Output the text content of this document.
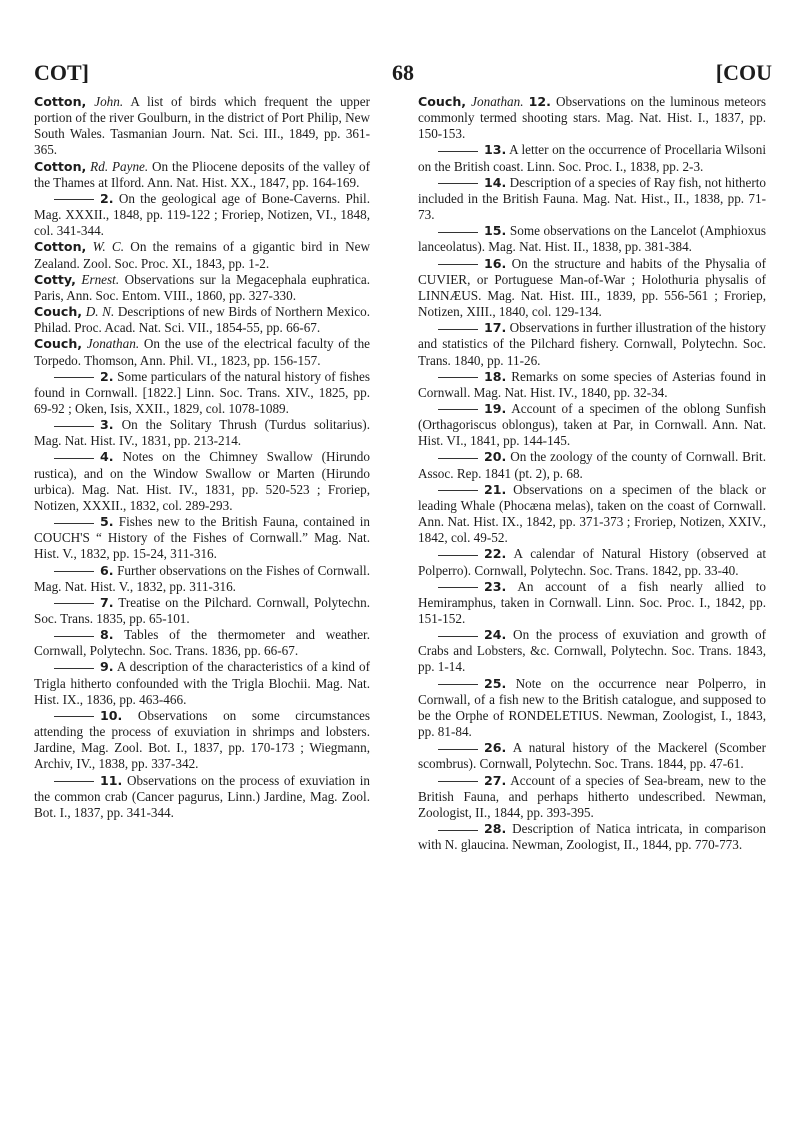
COT]	68	[COU

Cotton, John. A list of birds which frequent the upper portion of the river Goulburn, in the district of Port Philip, New South Wales. Tasmanian Journ. Nat. Sci. III., 1849, pp. 361-365.

Cotton, Rd. Payne. On the Pliocene deposits of the valley of the Thames at Ilford. Ann. Nat. Hist. XX., 1847, pp. 164-169.

2. On the geological age of Bone-Caverns. Phil. Mag. XXXII., 1848, pp. 119-122 ; Froriep, Notizen, VI., 1848, col. 341-344.

Cotton, W. C. On the remains of a gigantic bird in New Zealand. Zool. Soc. Proc. XI., 1843, pp. 1-2.

Cotty, Ernest. Observations sur la Megacephala euphratica. Paris, Ann. Soc. Entom. VIII., 1860, pp. 327-330.

Couch, D. N. Descriptions of new Birds of Northern Mexico. Philad. Proc. Acad. Nat. Sci. VII., 1854-55, pp. 66-67.

Couch, Jonathan. On the use of the electrical faculty of the Torpedo. Thomson, Ann. Phil. VI., 1823, pp. 156-157.

2. Some particulars of the natural history of fishes found in Cornwall. [1822.] Linn. Soc. Trans. XIV., 1825, pp. 69-92 ; Oken, Isis, XXII., 1829, col. 1078-1089.

3. On the Solitary Thrush (Turdus solitarius). Mag. Nat. Hist. IV., 1831, pp. 213-214.

4. Notes on the Chimney Swallow (Hirundo rustica), and on the Window Swallow or Marten (Hirundo urbica). Mag. Nat. Hist. IV., 1831, pp. 520-523 ; Froriep, Notizen, XXXII., 1832, col. 289-293.

5. Fishes new to the British Fauna, contained in COUCH'S “ History of the Fishes of Cornwall.” Mag. Nat. Hist. V., 1832, pp. 15-24, 311-316.

6. Further observations on the Fishes of Cornwall. Mag. Nat. Hist. V., 1832, pp. 311-316.

7. Treatise on the Pilchard. Cornwall, Polytechn. Soc. Trans. 1835, pp. 65-101.

8. Tables of the thermometer and weather. Cornwall, Polytechn. Soc. Trans. 1836, pp. 66-67.

9. A description of the characteristics of a kind of Trigla hitherto confounded with the Trigla Blochii. Mag. Nat. Hist. IX., 1836, pp. 463-466.

10. Observations on some circumstances attending the process of exuviation in shrimps and lobsters. Jardine, Mag. Zool. Bot. I., 1837, pp. 170-173 ; Wiegmann, Archiv, IV., 1838, pp. 337-342.

11. Observations on the process of exuviation in the common crab (Cancer pagurus, Linn.) Jardine, Mag. Zool. Bot. I., 1837, pp. 341-344.

Couch, Jonathan. 12. Observations on the luminous meteors commonly termed shooting stars. Mag. Nat. Hist. I., 1837, pp. 150-153.

13. A letter on the occurrence of Procellaria Wilsoni on the British coast. Linn. Soc. Proc. I., 1838, pp. 2-3.

14. Description of a species of Ray fish, not hitherto included in the British Fauna. Mag. Nat. Hist., II., 1838, pp. 71-73.

15. Some observations on the Lancelot (Amphioxus lanceolatus). Mag. Nat. Hist. II., 1838, pp. 381-384.

16. On the structure and habits of the Physalia of CUVIER, or Portuguese Man-of-War ; Holothuria physalis of LINNÆUS. Mag. Nat. Hist. III., 1839, pp. 556-561 ; Froriep, Notizen, XIII., 1840, col. 129-134.

17. Observations in further illustration of the history and statistics of the Pilchard fishery. Cornwall, Polytechn. Soc. Trans. 1840, pp. 11-26.

18. Remarks on some species of Asterias found in Cornwall. Mag. Nat. Hist. IV., 1840, pp. 32-34.

19. Account of a specimen of the oblong Sunfish (Orthagoriscus oblongus), taken at Par, in Cornwall. Ann. Nat. Hist. VI., 1841, pp. 144-145.

20. On the zoology of the county of Cornwall. Brit. Assoc. Rep. 1841 (pt. 2), p. 68.

21. Observations on a specimen of the black or leading Whale (Phocæna melas), taken on the coast of Cornwall. Ann. Nat. Hist. IX., 1842, pp. 371-373 ; Froriep, Notizen, XXIV., 1842, col. 49-52.

22. A calendar of Natural History (observed at Polperro). Cornwall, Polytechn. Soc. Trans. 1842, pp. 33-40.

23. An account of a fish nearly allied to Hemiramphus, taken in Cornwall. Linn. Soc. Proc. I., 1842, pp. 151-152.

24. On the process of exuviation and growth of Crabs and Lobsters, &c. Cornwall, Polytechn. Soc. Trans. 1843, pp. 1-14.

25. Note on the occurrence near Polperro, in Cornwall, of a fish new to the British catalogue, and supposed to be the Orphe of RONDELETIUS. Newman, Zoologist, I., 1843, pp. 81-84.

26. A natural history of the Mackerel (Scomber scombrus). Cornwall, Polytechn. Soc. Trans. 1844, pp. 47-61.

27. Account of a species of Sea-bream, new to the British Fauna, and perhaps hitherto undescribed. Newman, Zoologist, II., 1844, pp. 393-395.

28. Description of Natica intricata, in comparison with N. glaucina. Newman, Zoologist, II., 1844, pp. 770-773.
